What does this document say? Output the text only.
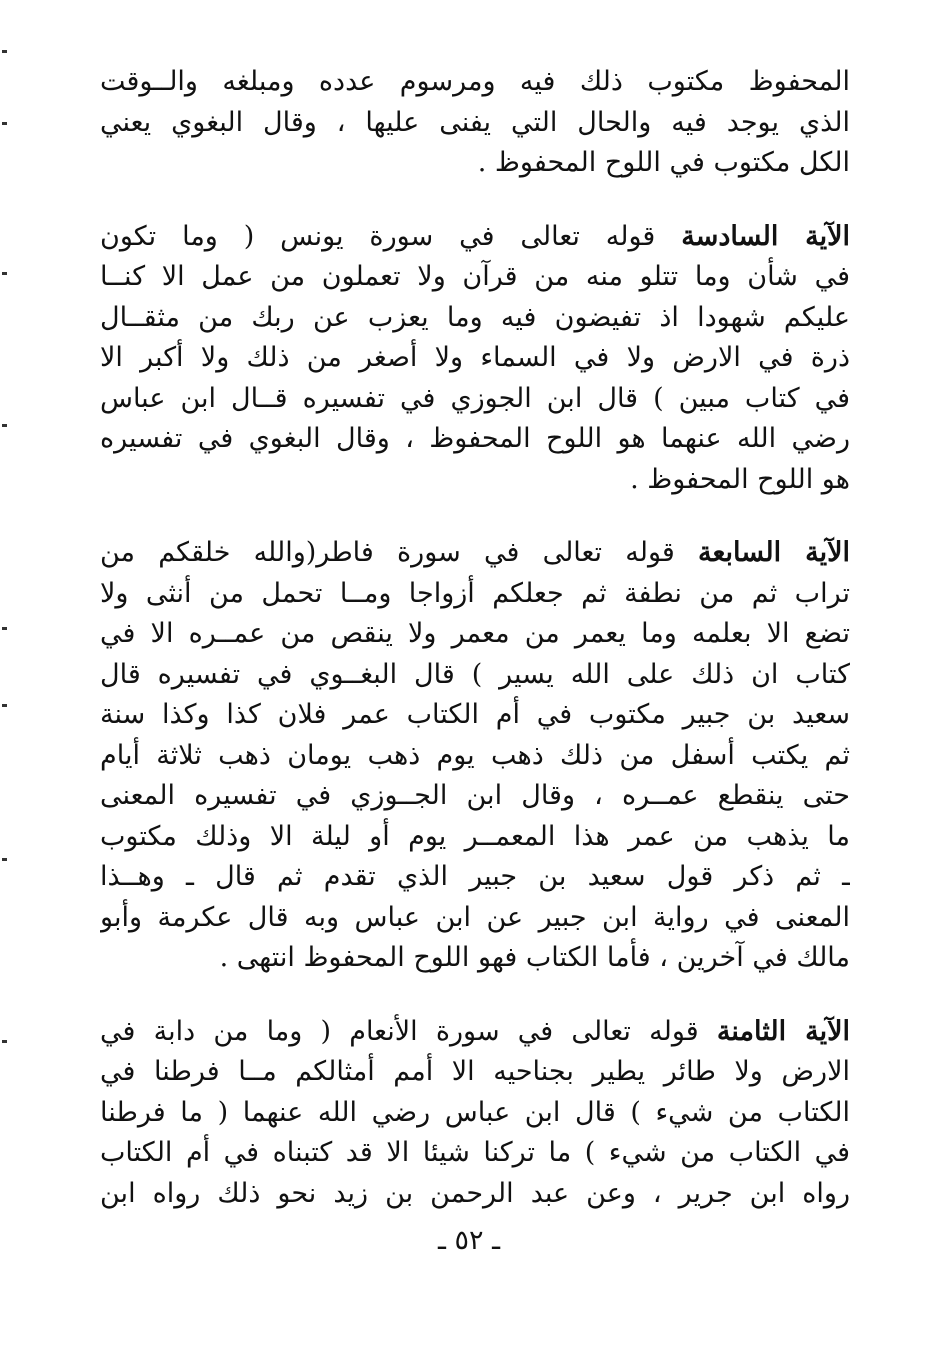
المحفوظ مكتوب ذلك فيه ومرسوم عدده ومبلغه والــوقت
الذي يوجد فيه والحال التي يفنى عليها ، وقال البغوي يعني
الكل مكتوب في اللوح المحفوظ .
الآية السادسة قوله تعالى في سورة يونس ( وما تكون
في شأن وما تتلو منه من قرآن ولا تعملون من عمل الا كنــا
عليكم شهودا اذ تفيضون فيه وما يعزب عن ربك من مثقــال
ذرة في الارض ولا في السماء ولا أصغر من ذلك ولا أكبر الا
في كتاب مبين ) قال ابن الجوزي في تفسيره قــال ابن عباس
رضي الله عنهما هو اللوح المحفوظ ، وقال البغوي في تفسيره
هو اللوح المحفوظ .
الآية السابعة قوله تعالى في سورة فاطر(والله خلقكم من
تراب ثم من نطفة ثم جعلكم أزواجا ومــا تحمل من أنثى ولا
تضع الا بعلمه وما يعمر من معمر ولا ينقص من عمــره الا في
كتاب ان ذلك على الله يسير ) قال البغــوي في تفسيره قال
سعيد بن جبير مكتوب في أم الكتاب عمر فلان كذا وكذا سنة
ثم يكتب أسفل من ذلك ذهب يوم ذهب يومان ذهب ثلاثة أيام
حتى ينقطع عمــره ، وقال ابن الجــوزي في تفسيره المعنى
ما يذهب من عمر هذا المعمــر يوم أو ليلة الا وذلك مكتوب
ـ ثم ذكر قول سعيد بن جبير الذي تقدم ثم قال ـ وهــذا
المعنى في رواية ابن جبير عن ابن عباس وبه قال عكرمة وأبو
مالك في آخرين ، فأما الكتاب فهو اللوح المحفوظ انتهى .
الآية الثامنة قوله تعالى في سورة الأنعام ( وما من دابة في
الارض ولا طائر يطير بجناحيه الا أمم أمثالكم مــا فرطنا في
الكتاب من شيء ) قال ابن عباس رضي الله عنهما ( ما فرطنا
في الكتاب من شيء ) ما تركنا شيئا الا قد كتبناه في أم الكتاب
رواه ابن جرير ، وعن عبد الرحمن بن زيد نحو ذلك رواه ابن
ـ ٥٢ ـ
